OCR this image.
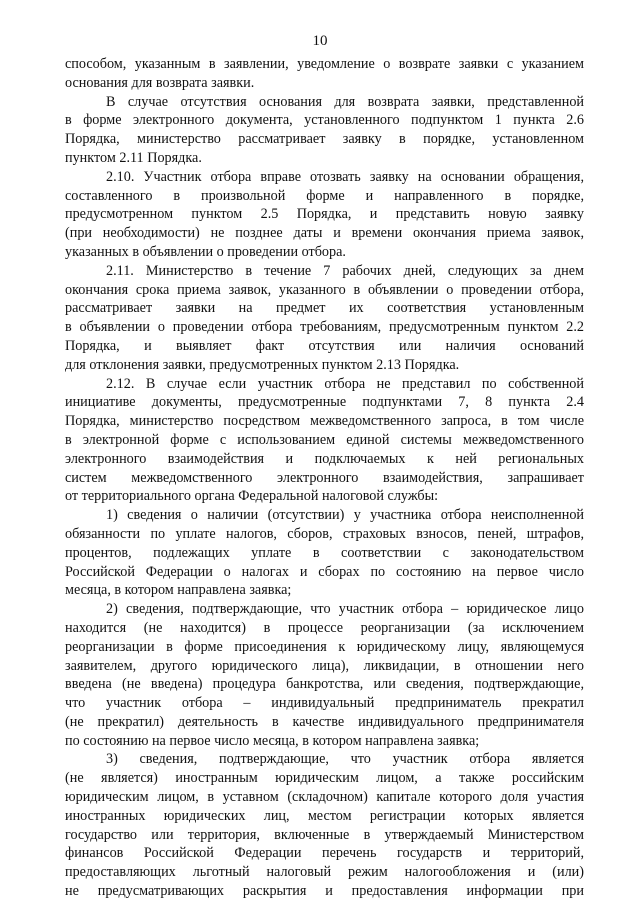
10
способом, указанным в заявлении, уведомление о возврате заявки с указанием
основания для возврата заявки.
В случае отсутствия основания для возврата заявки, представленной
в форме электронного документа, установленного подпунктом 1 пункта 2.6
Порядка, министерство рассматривает заявку в порядке, установленном
пунктом 2.11 Порядка.
2.10. Участник отбора вправе отозвать заявку на основании обращения,
составленного в произвольной форме и направленного в порядке,
предусмотренном пунктом 2.5 Порядка, и представить новую заявку
(при необходимости) не позднее даты и времени окончания приема заявок,
указанных в объявлении о проведении отбора.
2.11. Министерство в течение 7 рабочих дней, следующих за днем
окончания срока приема заявок, указанного в объявлении о проведении отбора,
рассматривает заявки на предмет их соответствия установленным
в объявлении о проведении отбора требованиям, предусмотренным пунктом 2.2
Порядка, и выявляет факт отсутствия или наличия оснований
для отклонения заявки, предусмотренных пунктом 2.13 Порядка.
2.12. В случае если участник отбора не представил по собственной
инициативе документы, предусмотренные подпунктами 7, 8 пункта 2.4
Порядка, министерство посредством межведомственного запроса, в том числе
в электронной форме с использованием единой системы межведомственного
электронного взаимодействия и подключаемых к ней региональных
систем межведомственного электронного взаимодействия, запрашивает
от территориального органа Федеральной налоговой службы:
1) сведения о наличии (отсутствии) у участника отбора неисполненной
обязанности по уплате налогов, сборов, страховых взносов, пеней, штрафов,
процентов, подлежащих уплате в соответствии с законодательством
Российской Федерации о налогах и сборах по состоянию на первое число
месяца, в котором направлена заявка;
2) сведения, подтверждающие, что участник отбора – юридическое лицо
находится (не находится) в процессе реорганизации (за исключением
реорганизации в форме присоединения к юридическому лицу, являющемуся
заявителем, другого юридического лица), ликвидации, в отношении него
введена (не введена) процедура банкротства, или сведения, подтверждающие,
что участник отбора – индивидуальный предприниматель прекратил
(не прекратил) деятельность в качестве индивидуального предпринимателя
по состоянию на первое число месяца, в котором направлена заявка;
3) сведения, подтверждающие, что участник отбора является
(не является) иностранным юридическим лицом, а также российским
юридическим лицом, в уставном (складочном) капитале которого доля участия
иностранных юридических лиц, местом регистрации которых является
государство или территория, включенные в утверждаемый Министерством
финансов Российской Федерации перечень государств и территорий,
предоставляющих льготный налоговый режим налогообложения и (или)
не предусматривающих раскрытия и предоставления информации при
